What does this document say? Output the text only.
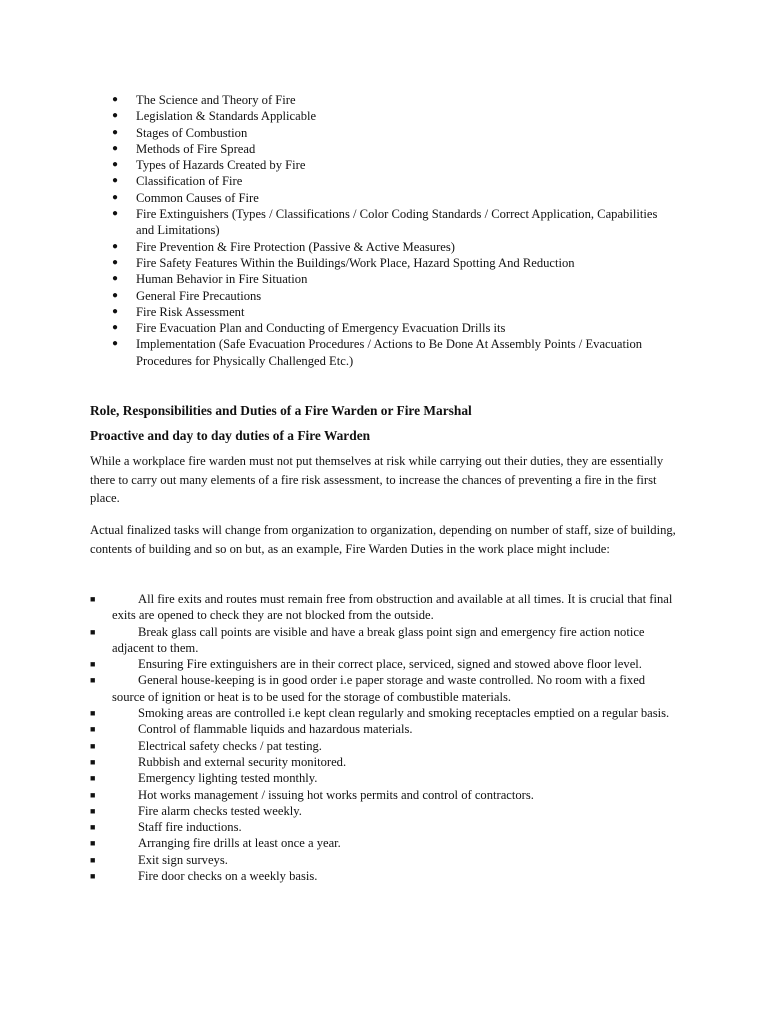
● The Science and Theory of Fire
● Legislation & Standards Applicable
● Stages of Combustion
● Methods of Fire Spread
● Types of Hazards Created by Fire
● Classification of Fire
● Common Causes of Fire
● Fire Extinguishers (Types / Classifications / Color Coding Standards / Correct Application, Capabilities and Limitations)
● Fire Prevention & Fire Protection (Passive & Active Measures)
● Fire Safety Features Within the Buildings/Work Place, Hazard Spotting And Reduction
● Human Behavior in Fire Situation
● General Fire Precautions
● Fire Risk Assessment
● Fire Evacuation Plan and Conducting of Emergency Evacuation Drills its
● Implementation (Safe Evacuation Procedures / Actions to Be Done At Assembly Points / Evacuation Procedures for Physically Challenged Etc.)
Role, Responsibilities and Duties of a Fire Warden or Fire Marshal
Proactive and day to day duties of a Fire Warden

While a workplace fire warden must not put themselves at risk while carrying out their duties, they are essentially there to carry out many elements of a fire risk assessment, to increase the chances of preventing a fire in the first place.

Actual finalized tasks will change from organization to organization, depending on number of staff, size of building, contents of building and so on but, as an example, Fire Warden Duties in the work place might include:

■	All fire exits and routes must remain free from obstruction and available at all times. It is crucial that final exits are opened to check they are not blocked from the outside.
■	Break glass call points are visible and have a break glass point sign and emergency fire action notice adjacent to them.
■	Ensuring Fire extinguishers are in their correct place, serviced, signed and stowed above floor level.
■	General house-keeping is in good order i.e paper storage and waste controlled. No room with a fixed source of ignition or heat is to be used for the storage of combustible materials.
■	Smoking areas are controlled i.e kept clean regularly and smoking receptacles emptied on a regular basis.
■	Control of flammable liquids and hazardous materials.
■	Electrical safety checks / pat testing.
■	Rubbish and external security monitored.
■	Emergency lighting tested monthly.
■	Hot works management / issuing hot works permits and control of contractors.
■	Fire alarm checks tested weekly.
■	Staff fire inductions.
■	Arranging fire drills at least once a year.
■	Exit sign surveys.
■	Fire door checks on a weekly basis.
